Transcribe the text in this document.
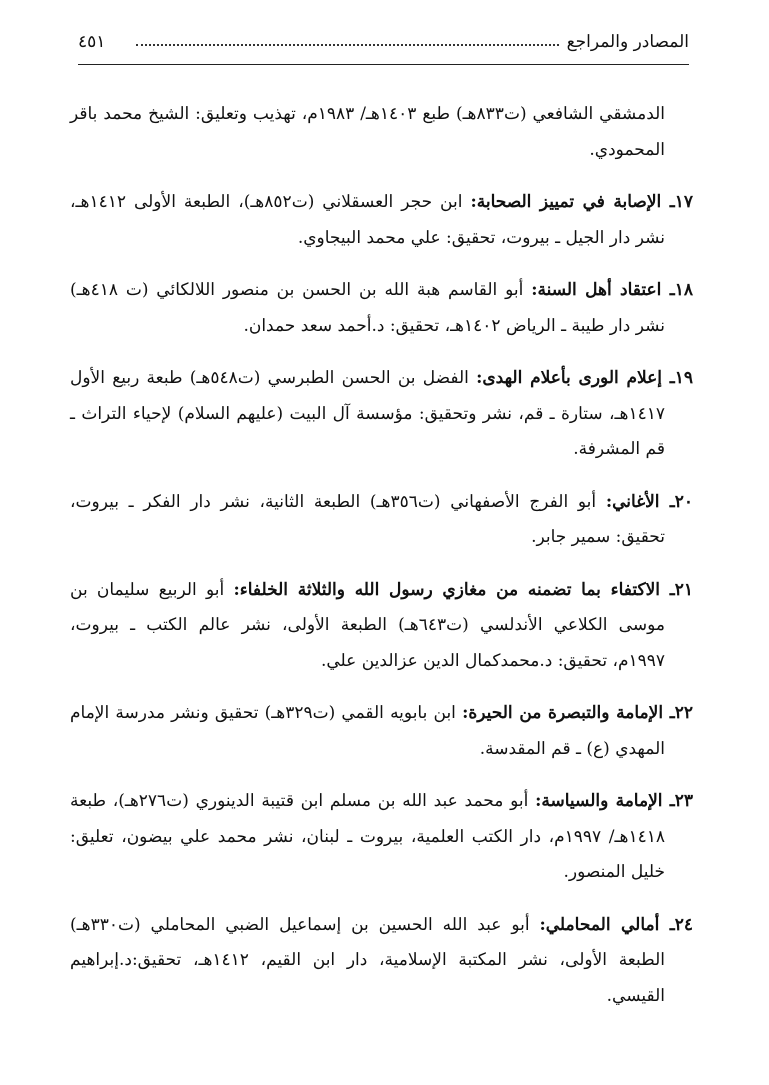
المصادر والمراجع
٤٥١

الدمشقي الشافعي (ت٨٣٣هـ) طبع ١٤٠٣هـ/ ١٩٨٣م، تهذيب وتعليق: الشيخ محمد باقر المحمودي.

١٧ـ الإصابة في تمييز الصحابة: ابن حجر العسقلاني (ت٨٥٢هـ)، الطبعة الأولى ١٤١٢هـ، نشر دار الجيل ـ بيروت، تحقيق: علي محمد البيجاوي.

١٨ـ اعتقاد أهل السنة: أبو القاسم هبة الله بن الحسن بن منصور اللالكائي (ت ٤١٨هـ) نشر دار طيبة ـ الرياض ١٤٠٢هـ، تحقيق: د.أحمد سعد حمدان.

١٩ـ إعلام الورى بأعلام الهدى: الفضل بن الحسن الطبرسي (ت٥٤٨هـ) طبعة ربيع الأول ١٤١٧هـ، ستارة ـ قم، نشر وتحقيق: مؤسسة آل البيت (عليهم السلام) لإحياء التراث ـ قم المشرفة.

٢٠ـ الأغاني: أبو الفرج الأصفهاني (ت٣٥٦هـ) الطبعة الثانية، نشر دار الفكر ـ بيروت، تحقيق: سمير جابر.

٢١ـ الاكتفاء بما تضمنه من مغازي رسول الله والثلاثة الخلفاء: أبو الربيع سليمان بن موسى الكلاعي الأندلسي (ت٦٤٣هـ) الطبعة الأولى، نشر عالم الكتب ـ بيروت، ١٩٩٧م، تحقيق: د.محمدكمال الدين عزالدين علي.

٢٢ـ الإمامة والتبصرة من الحيرة: ابن بابويه القمي (ت٣٢٩هـ) تحقيق ونشر مدرسة الإمام المهدي (ع) ـ قم المقدسة.

٢٣ـ الإمامة والسياسة: أبو محمد عبد الله بن مسلم ابن قتيبة الدينوري (ت٢٧٦هـ)، طبعة ١٤١٨هـ/ ١٩٩٧م، دار الكتب العلمية، بيروت ـ لبنان، نشر محمد علي بيضون، تعليق: خليل المنصور.

٢٤ـ أمالي المحاملي: أبو عبد الله الحسين بن إسماعيل الضبي المحاملي (ت٣٣٠هـ) الطبعة الأولى، نشر المكتبة الإسلامية، دار ابن القيم، ١٤١٢هـ، تحقيق:د.إبراهيم القيسي.
